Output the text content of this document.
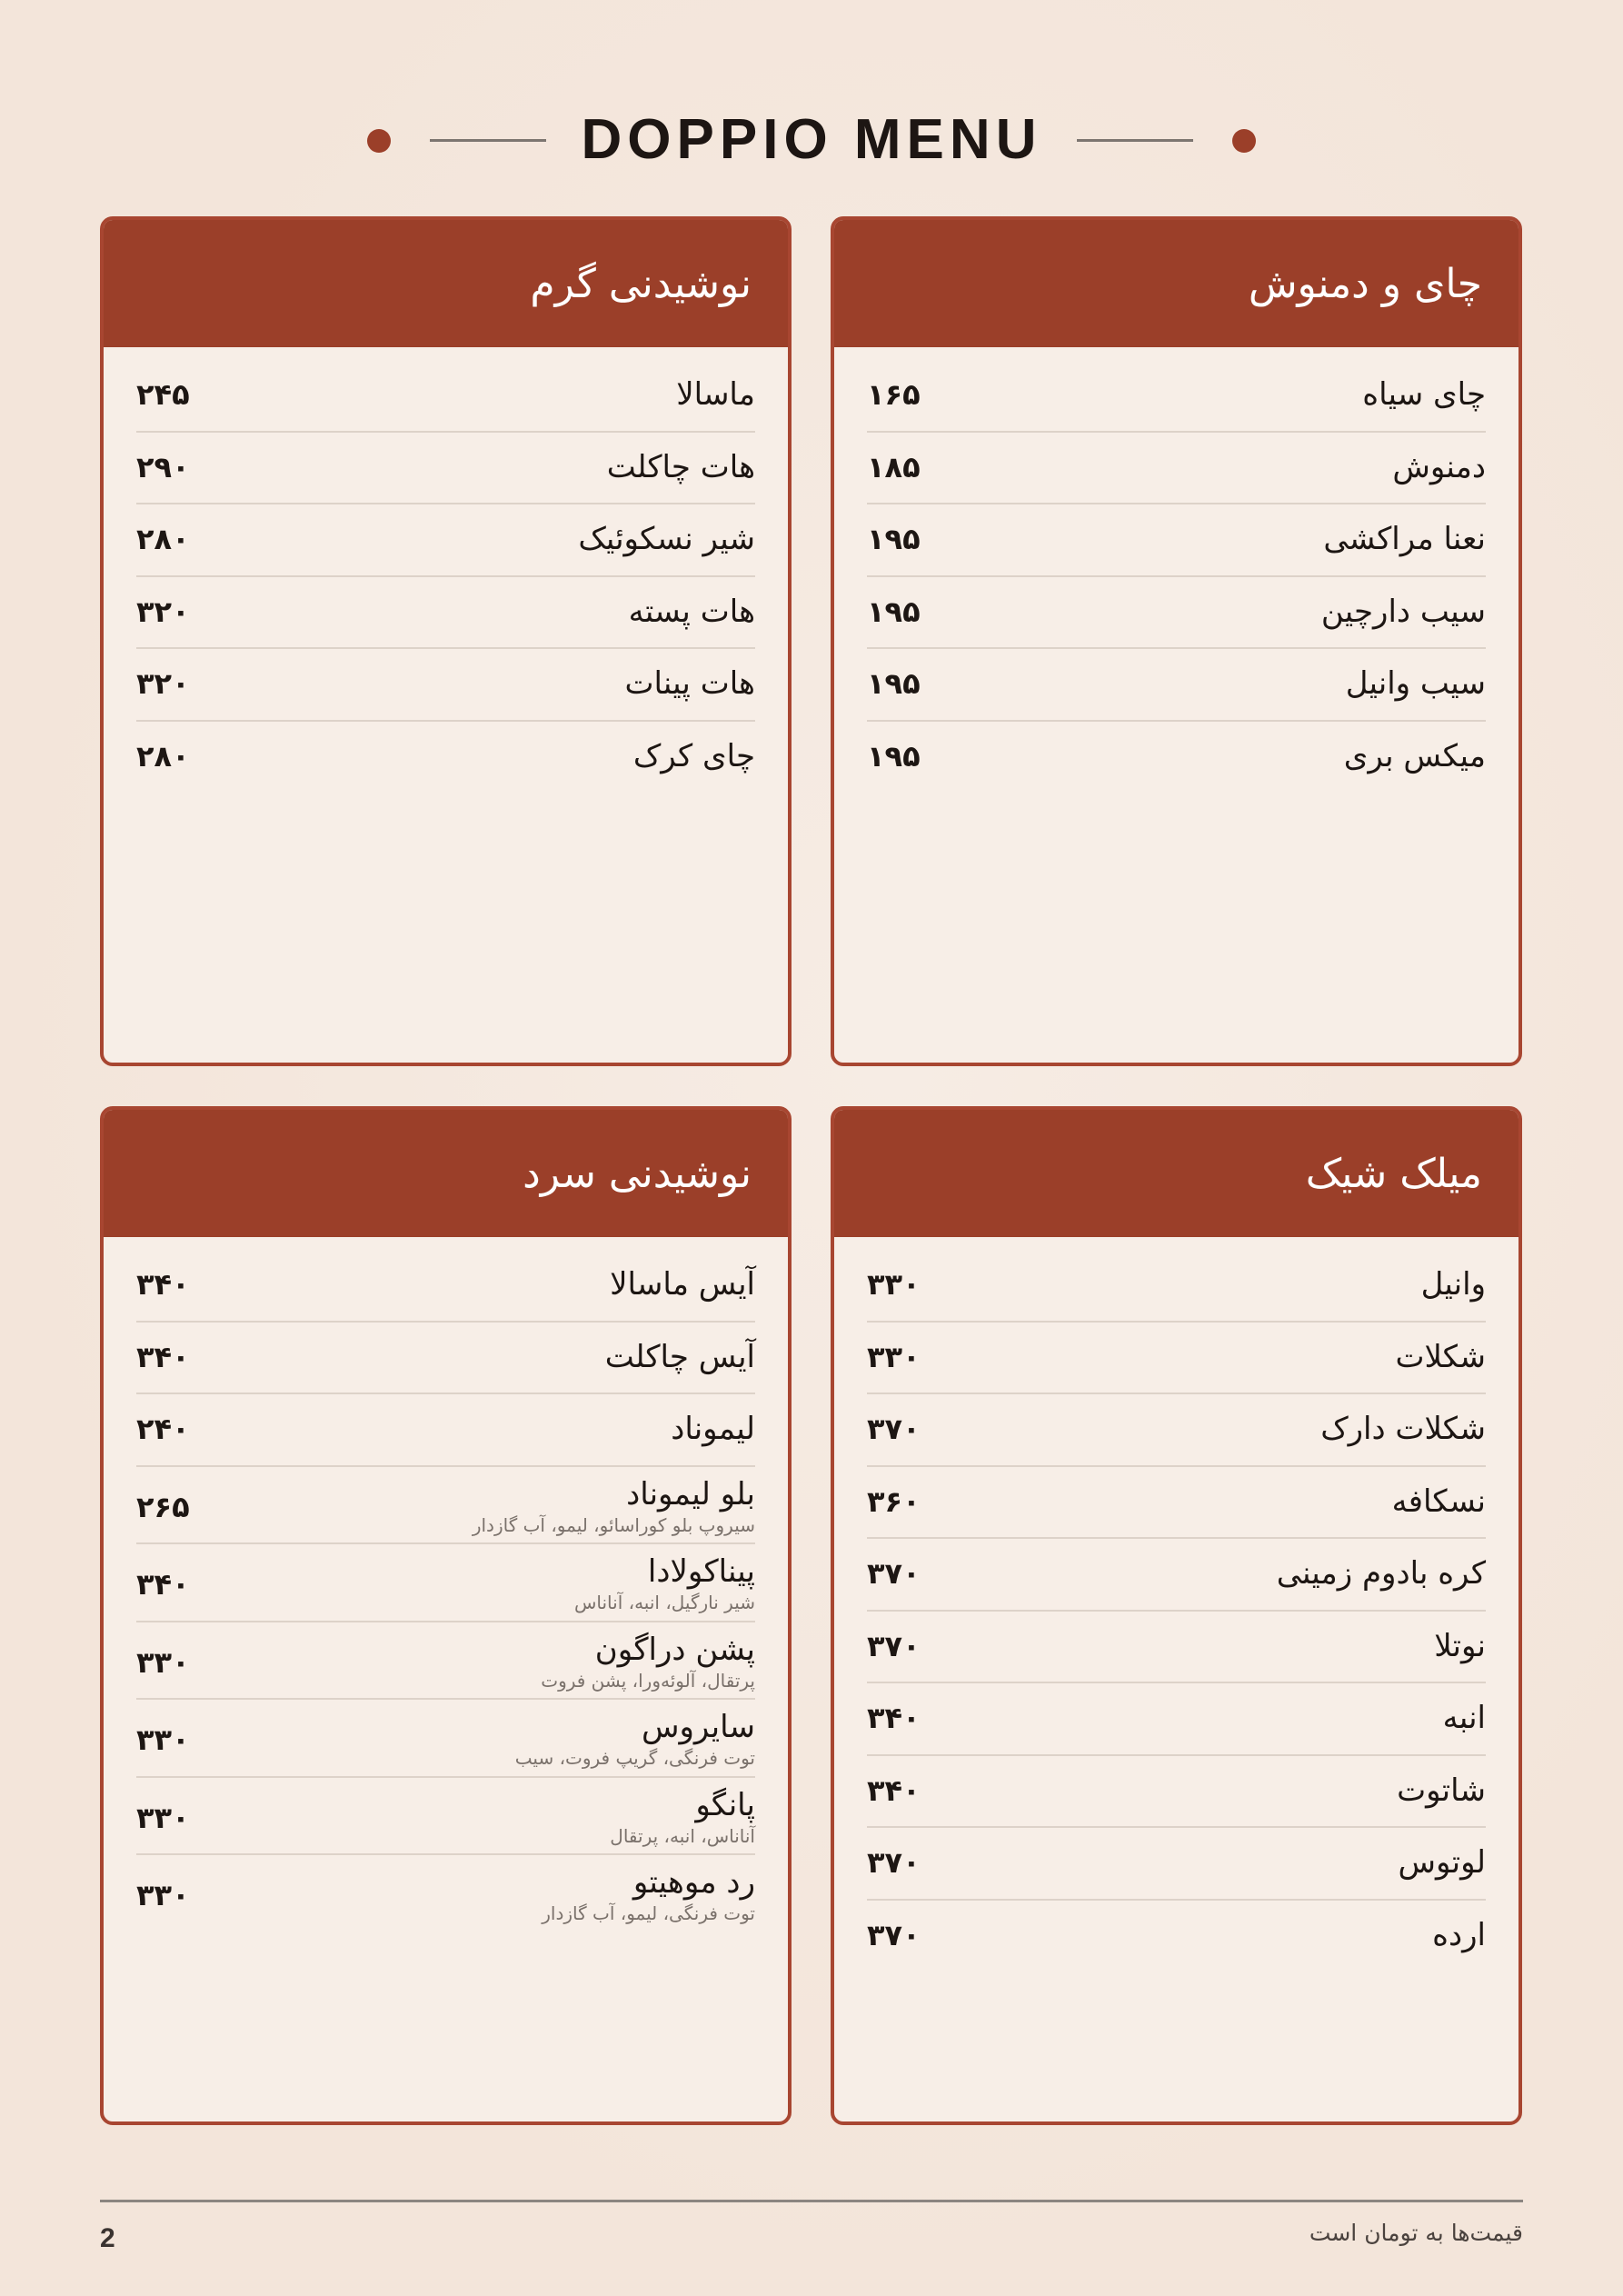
DOPPIO MENU
چای و دمنوش
چای سیاه
۱۶۵
دمنوش
۱۸۵
نعنا مراکشی
۱۹۵
سیب دارچین
۱۹۵
سیب وانیل
۱۹۵
میکس بری
۱۹۵
نوشیدنی گرم
ماسالا
۲۴۵
هات چاکلت
۲۹۰
شیر نسکوئیک
۲۸۰
هات پسته
۳۲۰
هات پینات
۳۲۰
چای کرک
۲۸۰
میلک شیک
وانیل
۳۳۰
شکلات
۳۳۰
شکلات دارک
۳۷۰
نسکافه
۳۶۰
کره بادوم زمینی
۳۷۰
نوتلا
۳۷۰
انبه
۳۴۰
شاتوت
۳۴۰
لوتوس
۳۷۰
ارده
۳۷۰
نوشیدنی سرد
آیس ماسالا
۳۴۰
آیس چاکلت
۳۴۰
لیموناد
۲۴۰
بلو لیموناد
سیروپ بلو کوراسائو، لیمو، آب گازدار
۲۶۵
پیناکولادا
شیر نارگیل، انبه، آناناس
۳۴۰
پشن دراگون
پرتقال، آلوئه‌ورا، پشن فروت
۳۳۰
سایروس
توت فرنگی، گریپ فروت، سیب
۳۳۰
پانگو
آناناس، انبه، پرتقال
۳۳۰
رد موهیتو
توت فرنگی، لیمو، آب گازدار
۳۳۰
2	قیمت‌ها به تومان است
